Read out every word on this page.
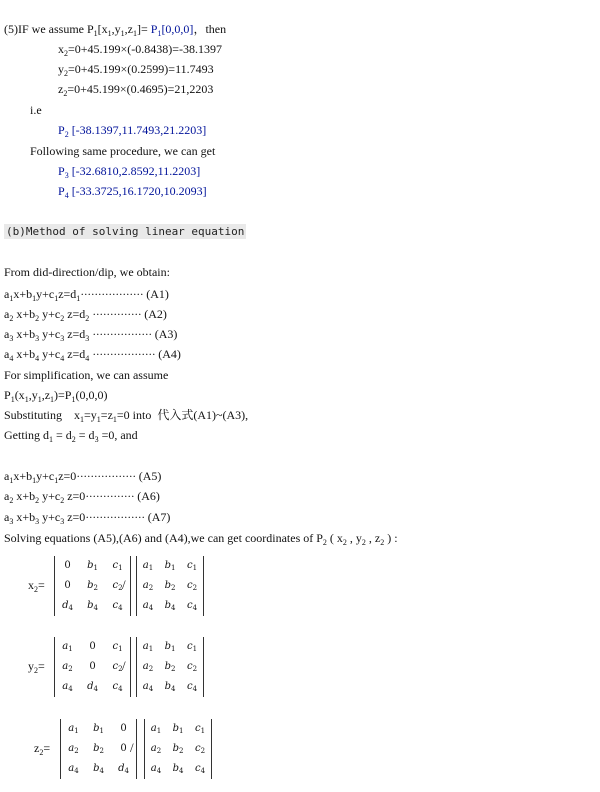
(5)IF we assume $P_1[x_1,y_1,z_1]= P_1[0,0,0]$，then
$x_2=0+45.199\times(-0.8438)=-38.1397$
$y_2=0+45.199\times(0.2599)=11.7493$
$z_2=0+45.199\times(0.4695)=21,2203$
i.e
$P_2$ [-38.1397,11.7493,21.2203]
Following same procedure, we can get
$P_3$ [-32.6810,2.8592,11.2203]
$P_4$ [-33.3725,16.1720,10.2093]
(b)Method of solving linear equation
From did-direction/dip, we obtain:
$a_1x+b_1y+c_1z=d_1\cdot\cdot\cdot\cdot\cdot\cdot\cdot\cdot\cdot\cdot\cdot\cdot\cdot\cdot\cdot\cdot\cdot\cdot (A1)$
$a_2$ $x+b_2$ $y+c_2$ $z=d_2$ ·············· (A2)
$a_3$ $x+b_3$ $y+c_3$ $z=d_3$ ················· (A3)
$a_4$ $x+b_4$ $y+c_4$ $z=d_4$ ·················· (A4)
For simplification, we can assume
$P_1(x_1,y_1,z_1)=P_1(0,0,0)$
Substituting    $x_1=y_1=z_1=0$ into  代入式(A1)~(A3),
Getting $d_1 = d_2 = d_3 =0$, and
$a_1x+b_1y+c_1z=0\cdot\cdot\cdot\cdot\cdot\cdot\cdot\cdot\cdot\cdot\cdot\cdot\cdot\cdot\cdot\cdot\cdot (A5)$
$a_2$ $x+b_2$ $y+c_2$ z=0·············· (A6)
$a_3$ $x+b_3$ $y+c_3$ z=0················· (A7)
Solving equations (A5),(A6) and (A4),we can get coordinates of $P_2$ ( $x_2$ , $y_2$ , $z_2$ ) :
$x_2=$
0	$b_1$	$c_1$
0	$b_2$	$c_2$
$d_4$	$b_4$	$c_4$
/
$a_1$	$b_1$	$c_1$
$a_2$	$b_2$	$c_2$
$a_4$	$b_4$	$c_4$
$y_2=$
$a_1$	0	$c_1$
$a_2$	0	$c_2$
$a_4$	$d_4$	$c_4$
/
$a_1$	$b_1$	$c_1$
$a_2$	$b_2$	$c_2$
$a_4$	$b_4$	$c_4$
$z_2=$
$a_1$	$b_1$	0
$a_2$	$b_2$	0
$a_4$	$b_4$	$d_4$
/
$a_1$	$b_1$	$c_1$
$a_2$	$b_2$	$c_2$
$a_4$	$b_4$	$c_4$
